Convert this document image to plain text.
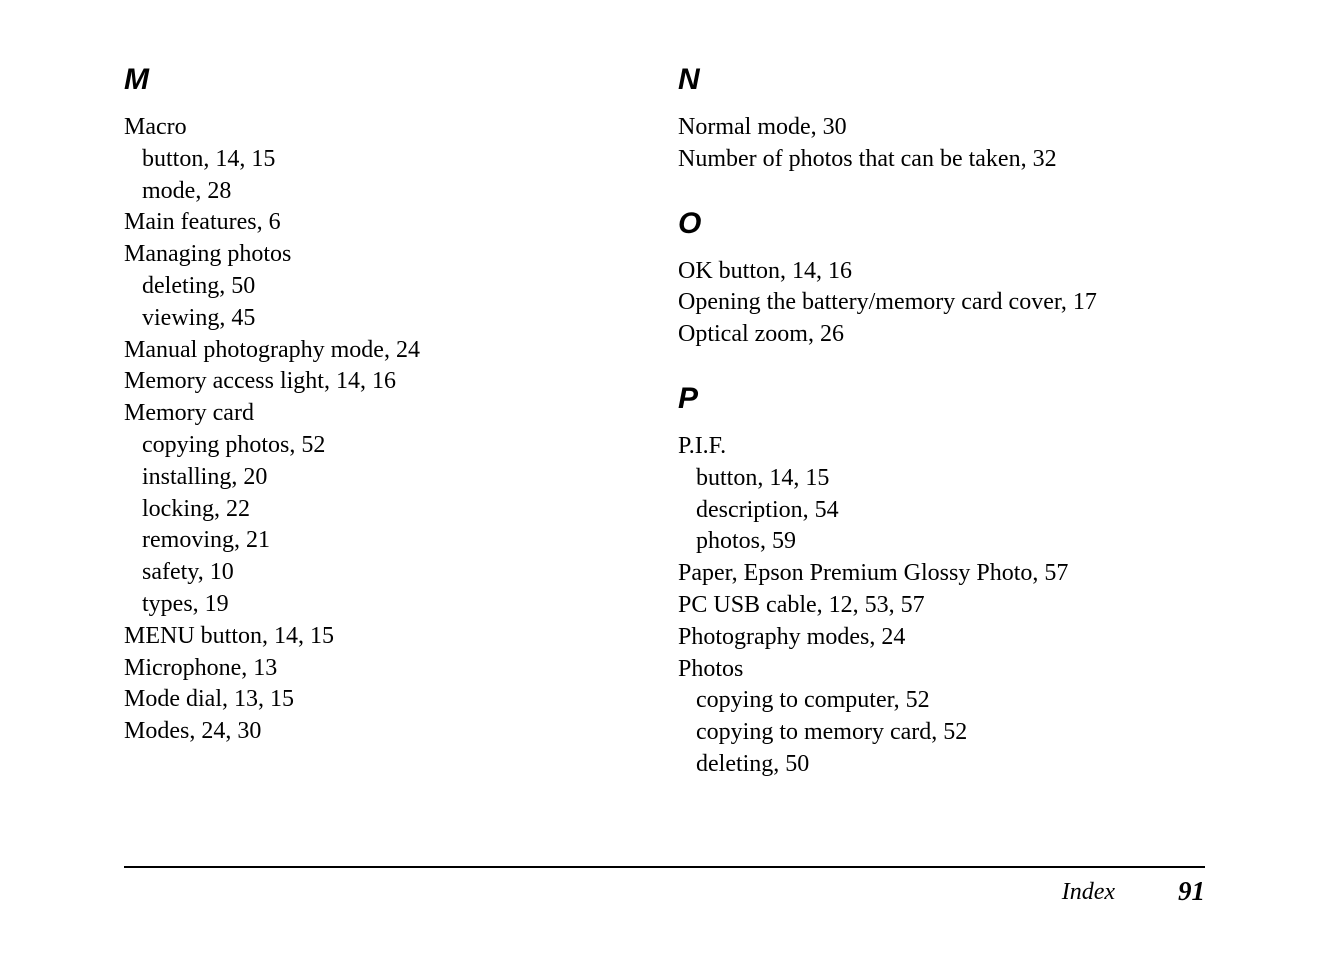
M
Macro
button, 14, 15
mode, 28
Main features, 6
Managing photos
deleting, 50
viewing, 45
Manual photography mode, 24
Memory access light, 14, 16
Memory card
copying photos, 52
installing, 20
locking, 22
removing, 21
safety, 10
types, 19
MENU button, 14, 15
Microphone, 13
Mode dial, 13, 15
Modes, 24, 30
N
Normal mode, 30
Number of photos that can be taken, 32
O
OK button, 14, 16
Opening the battery/memory card cover, 17
Optical zoom, 26
P
P.I.F.
button, 14, 15
description, 54
photos, 59
Paper, Epson Premium Glossy Photo, 57
PC USB cable, 12, 53, 57
Photography modes, 24
Photos
copying to computer, 52
copying to memory card, 52
deleting, 50
Index 91
